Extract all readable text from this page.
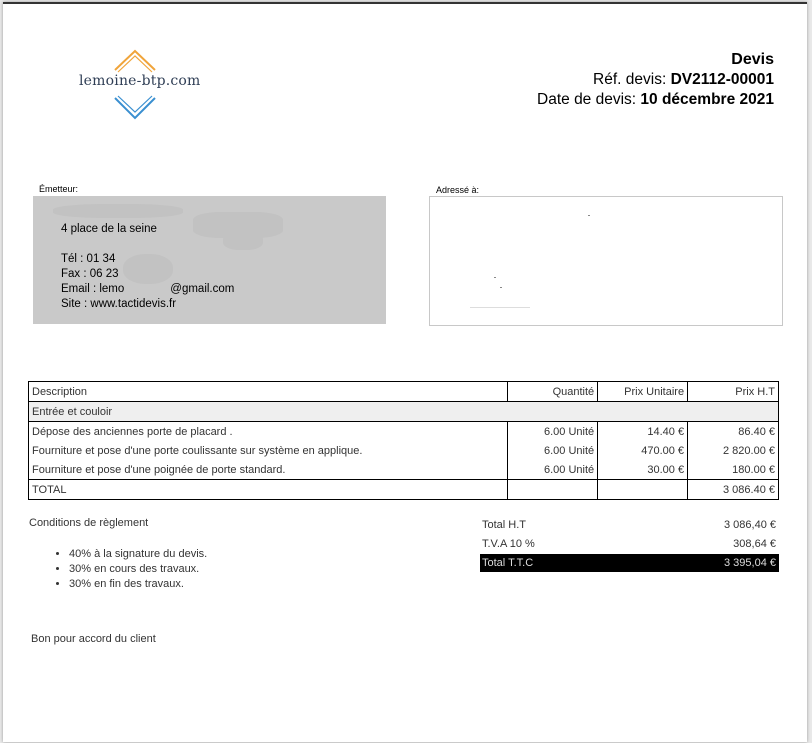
lemoine-btp.com
Devis
Réf. devis: DV2112-00001
Date de devis: 10 décembre 2021
Émetteur:
4 place de la seine
Tél : 01 34
Fax : 06 23
Email : lemo	@gmail.com
Site : www.tactidevis.fr
Adressé à:
Description	Quantité	Prix Unitaire	Prix H.T
Entrée et couloir			
Dépose des anciennes porte de placard .	6.00 Unité	14.40 €	86.40 €
Fourniture et pose d'une porte coulissante sur système en applique.	6.00 Unité	470.00 €	2 820.00 €
Fourniture et pose d'une poignée de porte standard.	6.00 Unité	30.00 €	180.00 €
TOTAL			3 086.40 €
Conditions de règlement
• 40% à la signature du devis.
• 30% en cours des travaux.
• 30% en fin des travaux.
Total H.T	3 086,40 €
T.V.A 10 %	308,64 €
Total T.T.C	3 395,04 €
Bon pour accord du client
